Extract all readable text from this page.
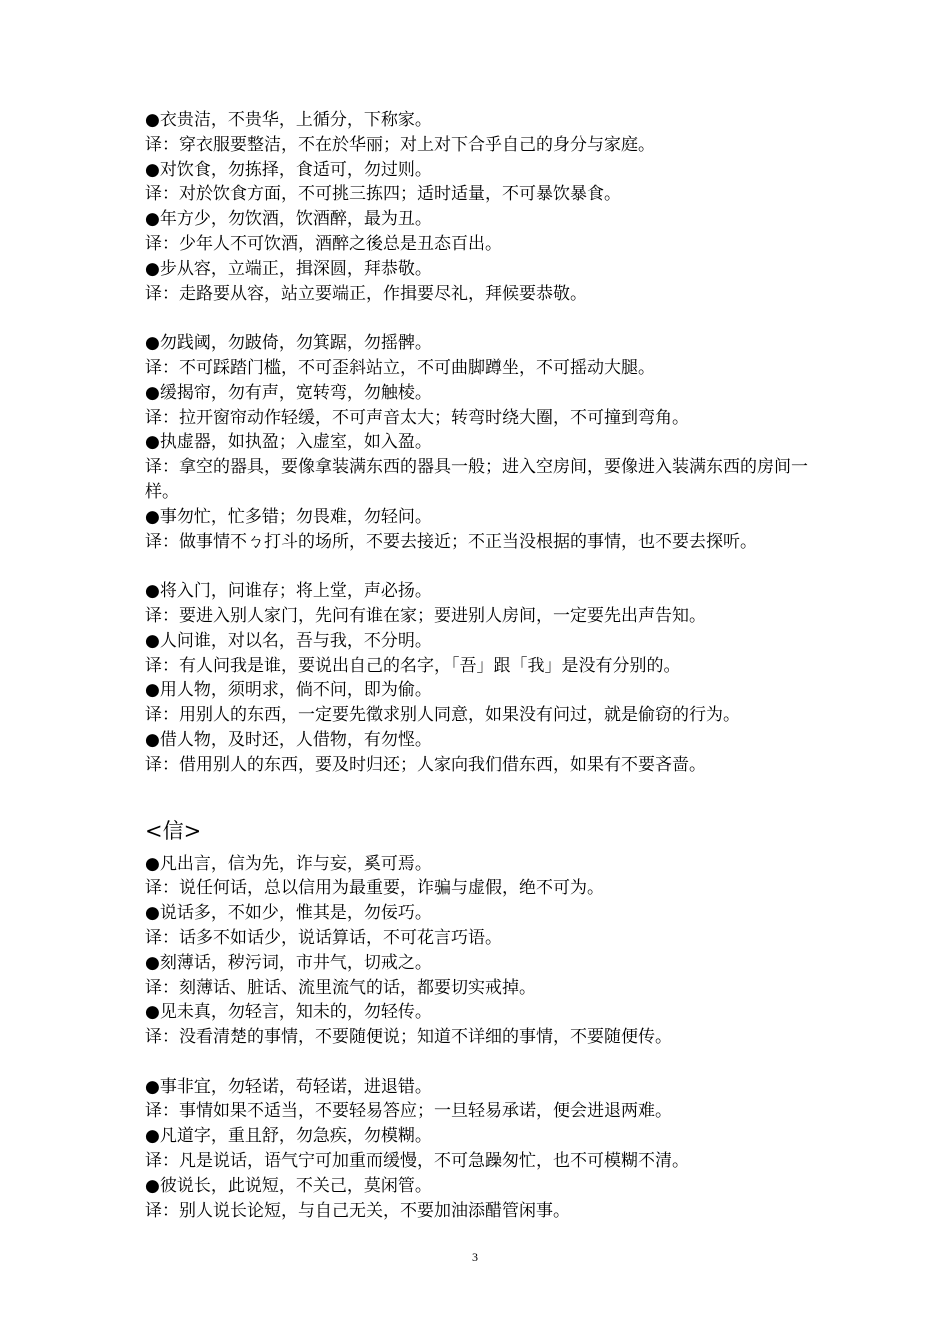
●衣贵洁，不贵华，上循分，下称家。
译：穿衣服要整洁，不在於华丽；对上对下合乎自己的身分与家庭。
●对饮食，勿拣择，食适可，勿过则。
译：对於饮食方面，不可挑三拣四；适时适量，不可暴饮暴食。
●年方少，勿饮酒，饮酒醉，最为丑。
译：少年人不可饮酒，酒醉之後总是丑态百出。
●步从容，立端正，揖深圆，拜恭敬。
译：走路要从容，站立要端正，作揖要尽礼，拜候要恭敬。
●勿践阈，勿跛倚，勿箕踞，勿摇髀。
译：不可踩踏门槛，不可歪斜站立，不可曲脚蹲坐，不可摇动大腿。
●缓揭帘，勿有声，宽转弯，勿触棱。
译：拉开窗帘动作轻缓，不可声音太大；转弯时绕大圈，不可撞到弯角。
●执虚器，如执盈；入虚室，如入盈。
译：拿空的器具，要像拿装满东西的器具一般；进入空房间，要像进入装满东西的房间一样。
●事勿忙，忙多错；勿畏难，勿轻问。
译：做事情不ㄅ打斗的场所，不要去接近；不正当没根据的事情，也不要去探听。
●将入门，问谁存；将上堂，声必扬。
译：要进入别人家门，先问有谁在家；要进别人房间，一定要先出声告知。
●人问谁，对以名，吾与我，不分明。
译：有人问我是谁，要说出自己的名字，「吾」跟「我」是没有分别的。
●用人物，须明求，倘不问，即为偷。
译：用别人的东西，一定要先徵求别人同意，如果没有问过，就是偷窃的行为。
●借人物，及时还，人借物，有勿悭。
译：借用别人的东西，要及时归还；人家向我们借东西，如果有不要吝啬。
<信>
●凡出言，信为先，诈与妄，奚可焉。
译：说任何话，总以信用为最重要，诈骗与虚假，绝不可为。
●说话多，不如少，惟其是，勿佞巧。
译：话多不如话少，说话算话，不可花言巧语。
●刻薄话，秽污词，市井气，切戒之。
译：刻薄话、脏话、流里流气的话，都要切实戒掉。
●见未真，勿轻言，知未的，勿轻传。
译：没看清楚的事情，不要随便说；知道不详细的事情，不要随便传。
●事非宜，勿轻诺，苟轻诺，进退错。
译：事情如果不适当，不要轻易答应；一旦轻易承诺，便会进退两难。
●凡道字，重且舒，勿急疾，勿模糊。
译：凡是说话，语气宁可加重而缓慢，不可急躁匆忙，也不可模糊不清。
●彼说长，此说短，不关己，莫闲管。
译：别人说长论短，与自己无关，不要加油添醋管闲事。
3
